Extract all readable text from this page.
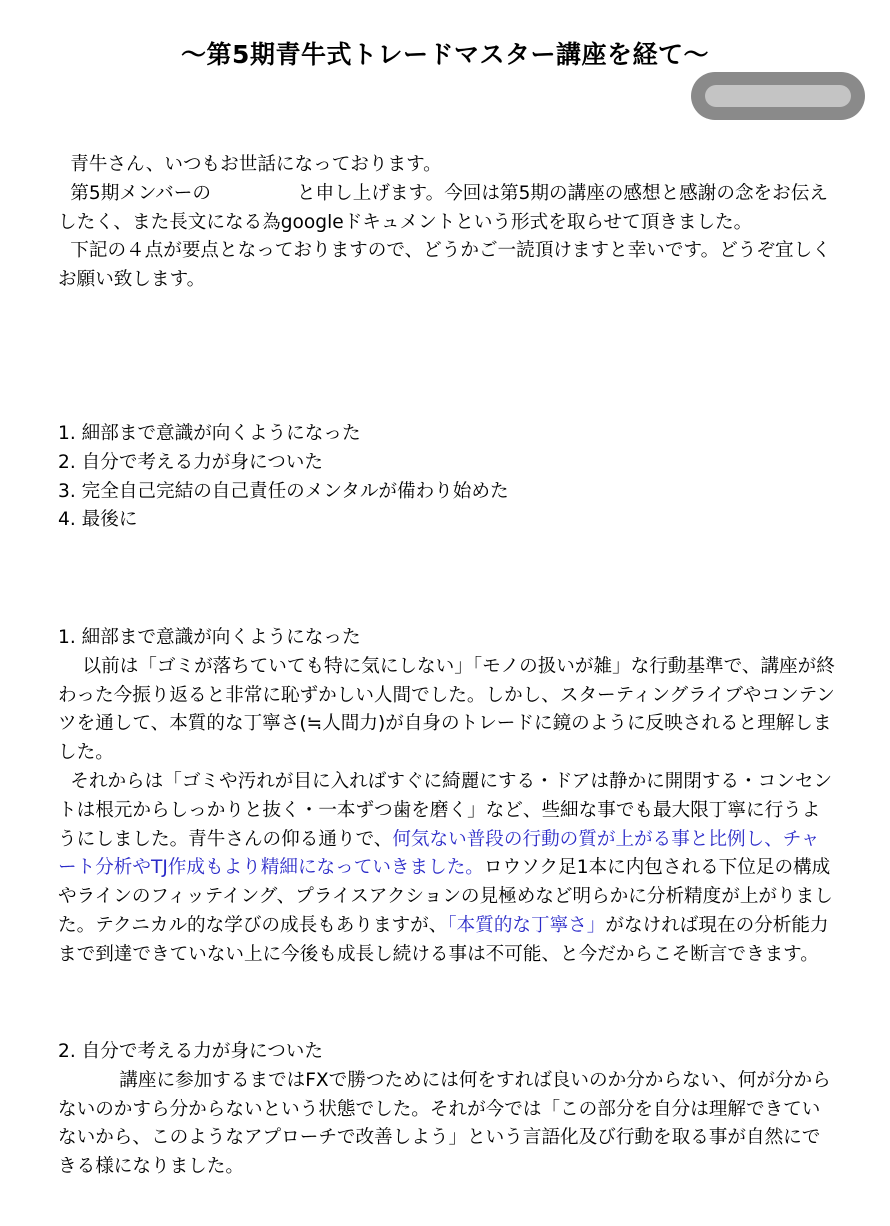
〜第5期青牛式トレードマスター講座を経て〜

  青牛さん、いつもお世話になっております。

  第5期メンバーの	と申し上げます。今回は第5期の講座の感想と感謝の念をお伝えしたく、また長文になる為googleドキュメントという形式を取らせて頂きました。

  下記の４点が要点となっておりますので、どうかご一読頂けますと幸いです。どうぞ宜しくお願い致します。

1. 細部まで意識が向くようになった
2. 自分で考える力が身についた
3. 完全自己完結の自己責任のメンタルが備わり始めた
4. 最後に
1. 細部まで意識が向くようになった

    以前は「ゴミが落ちていても特に気にしない」「モノの扱いが雑」な行動基準で、講座が終わった今振り返ると非常に恥ずかしい人間でした。しかし、スターティングライブやコンテンツを通して、本質的な丁寧さ(≒人間力)が自身のトレードに鏡のように反映されると理解しました。

  それからは「ゴミや汚れが目に入ればすぐに綺麗にする・ドアは静かに開閉する・コンセントは根元からしっかりと抜く・一本ずつ歯を磨く」など、些細な事でも最大限丁寧に行うようにしました。青牛さんの仰る通りで、何気ない普段の行動の質が上がる事と比例し、チャート分析やTJ作成もより精細になっていきました。ロウソク足1本に内包される下位足の構成やラインのフィッテイング、プライスアクションの見極めなど明らかに分析精度が上がりました。テクニカル的な学びの成長もありますが、「本質的な丁寧さ」がなければ現在の分析能力まで到達できていない上に今後も成長し続ける事は不可能、と今だからこそ断言できます。

2. 自分で考える力が身についた

          講座に参加するまではFXで勝つためには何をすれば良いのか分からない、何が分からないのかすら分からないという状態でした。それが今では「この部分を自分は理解できていないから、このようなアプローチで改善しよう」という言語化及び行動を取る事が自然にできる様になりました。
